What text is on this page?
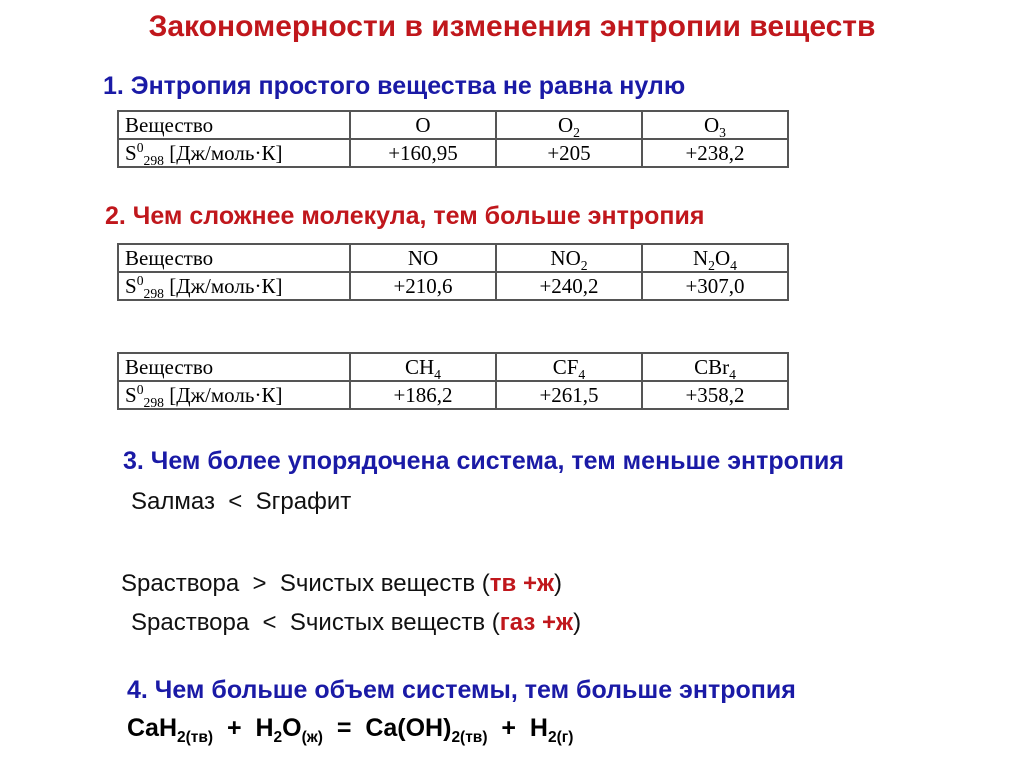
Закономерности в изменения энтропии веществ
1. Энтропия простого вещества не равна нулю
Вещество	O	$O_2$	$O_3$
$S^0_{298}$ [Дж/моль·К]	+160,95	+205	+238,2
2. Чем сложнее молекула, тем больше энтропия
Вещество	NO	$NO_2$	$N_2O_4$
$S^0_{298}$ [Дж/моль·К]	+210,6	+240,2	+307,0
Вещество	$CH_4$	$CF_4$	CBr$_4$
$S^0_{298}$ [Дж/моль·К]	+186,2	+261,5	+358,2
3. Чем более упорядочена система, тем меньше энтропия
Sалмаз  <  Sграфит
Sраствора  >  Sчистых веществ (тв +ж)
Sраствора  <  Sчистых веществ (газ +ж)
4. Чем больше объем системы, тем больше энтропия
$CaH_{2(тв)} + H_2O_{(ж)} = Ca(OH)_{2(тв)} + H_{2(г)}$
